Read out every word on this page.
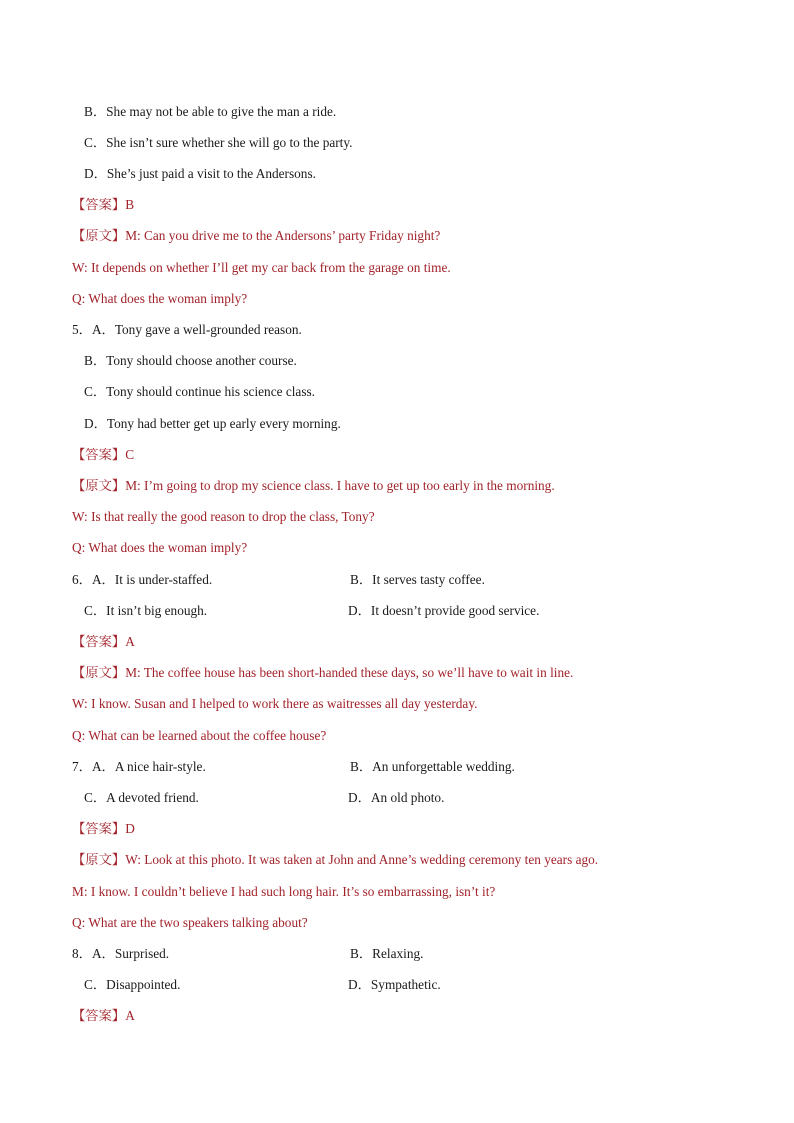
B．She may not be able to give the man a ride.
C．She isn’t sure whether she will go to the party.
D．She’s just paid a visit to the Andersons.
【答案】B
【原文】M: Can you drive me to the Andersons’ party Friday night?
W: It depends on whether I’ll get my car back from the garage on time.
Q: What does the woman imply?
5．A．Tony gave a well-grounded reason.
B．Tony should choose another course.
C．Tony should continue his science class.
D．Tony had better get up early every morning.
【答案】C
【原文】M: I’m going to drop my science class. I have to get up too early in the morning.
W: Is that really the good reason to drop the class, Tony?
Q: What does the woman imply?
6．A．It is under-staffed.	B．It serves tasty coffee.
C．It isn’t big enough.	D．It doesn’t provide good service.
【答案】A
【原文】M: The coffee house has been short-handed these days, so we’ll have to wait in line.
W: I know. Susan and I helped to work there as waitresses all day yesterday.
Q: What can be learned about the coffee house?
7．A．A nice hair-style.	B．An unforgettable wedding.
C．A devoted friend.	D．An old photo.
【答案】D
【原文】W: Look at this photo. It was taken at John and Anne’s wedding ceremony ten years ago.
M: I know. I couldn’t believe I had such long hair. It’s so embarrassing, isn’t it?
Q: What are the two speakers talking about?
8．A．Surprised.	B．Relaxing.
C．Disappointed.	D．Sympathetic.
【答案】A
